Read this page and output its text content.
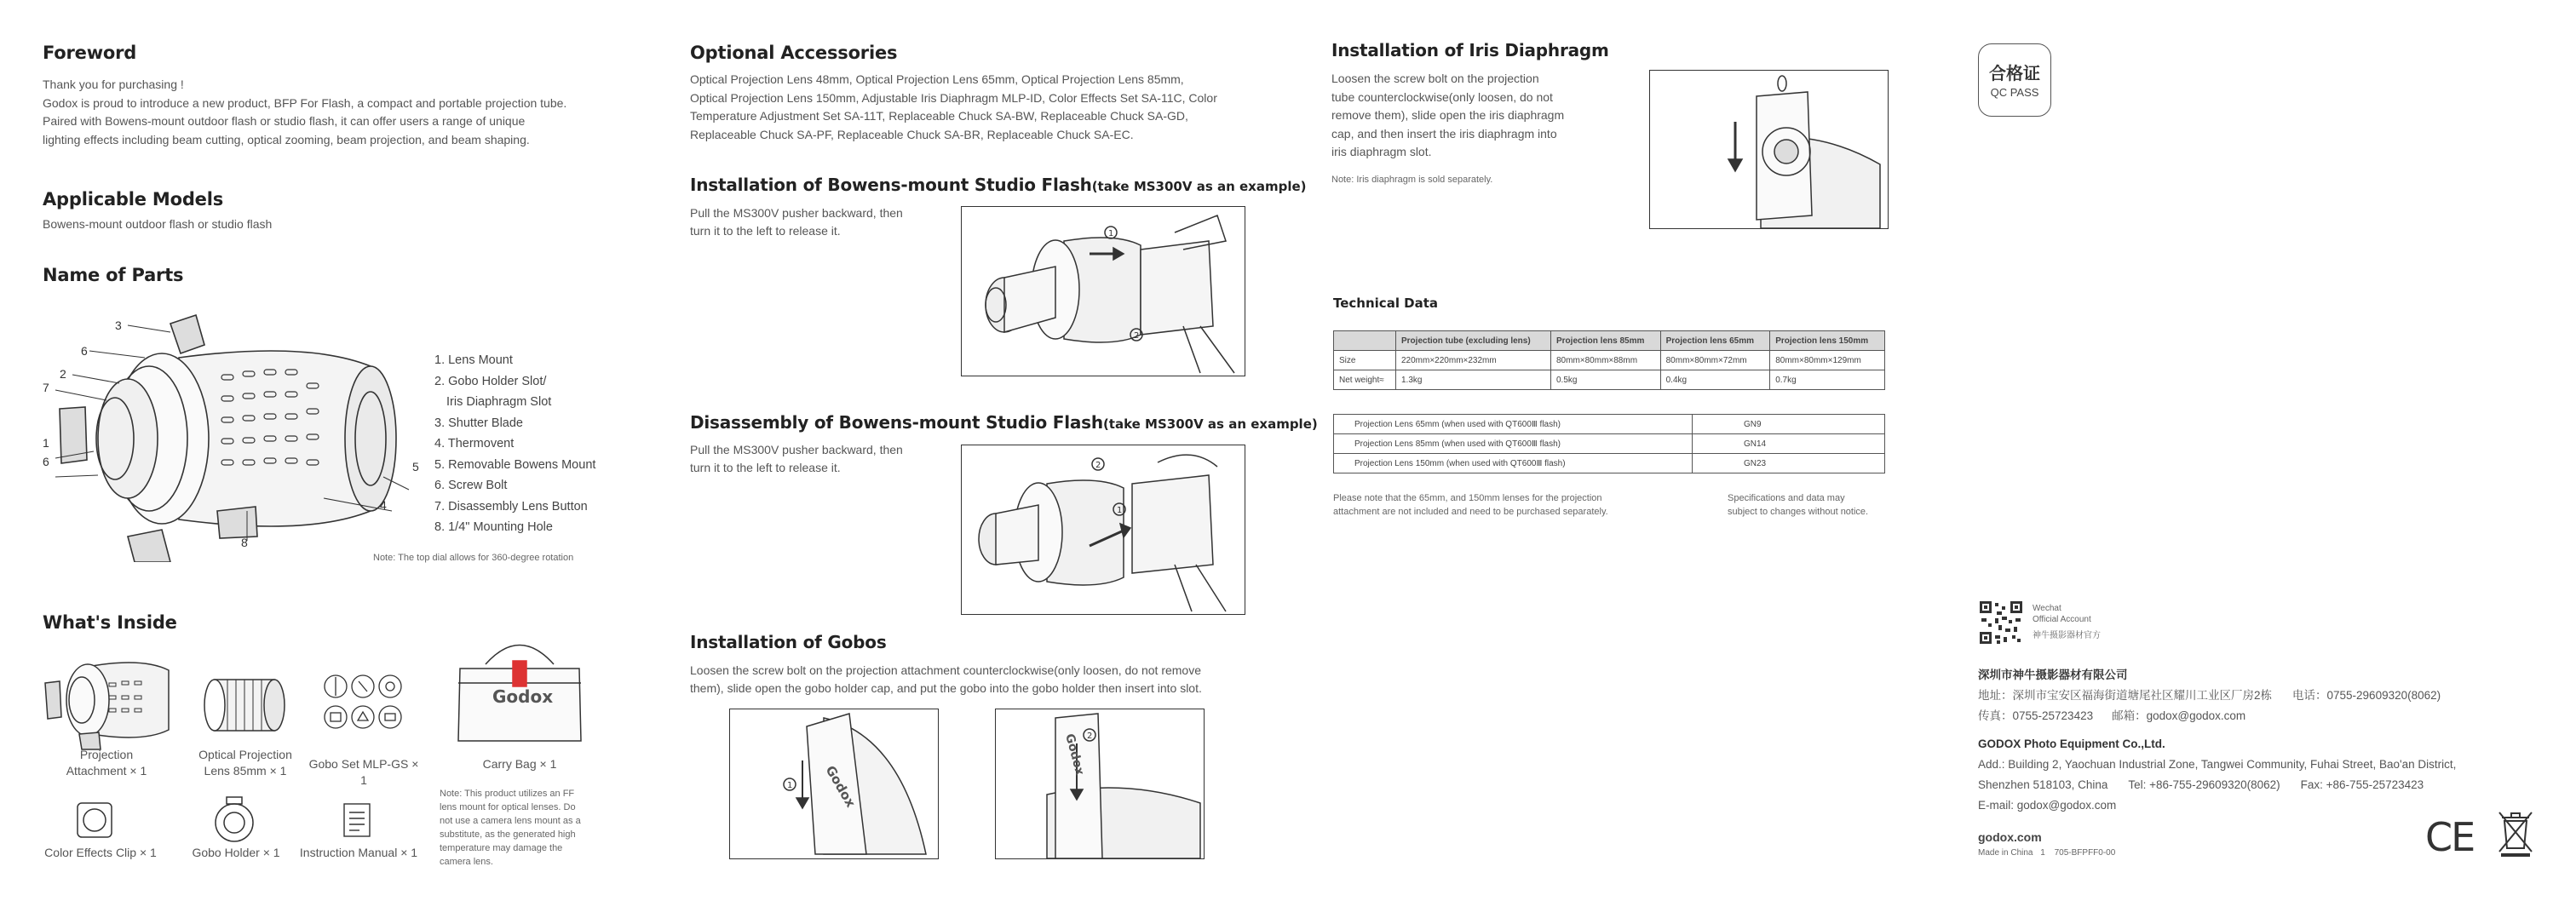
Foreword

Thank you for purchasing !

Godox is proud to introduce a new product, BFP For Flash, a compact and portable projection tube.

Paired with Bowens-mount outdoor flash or studio flash, it can offer users a range of unique

lighting effects including beam cutting, optical zooming, beam projection, and beam shaping.

Applicable Models

Bowens-mount outdoor flash or studio flash

Name of Parts
3
6
2
7
1
6	5
4
8
1. Lens Mount
2. Gobo Holder Slot/
Iris Diaphragm Slot
3. Shutter Blade
4. Thermovent
5. Removable Bowens Mount
6. Screw Bolt
7. Disassembly Lens Button
8. 1/4" Mounting Hole

Note: The top dial allows for 360-degree rotation

What's Inside
Projection
Attachment × 1
Optical Projection
Lens 85mm × 1	Gobo Set MLP-GS × 1
Godox
Carry Bag × 1
Color Effects Clip × 1	Gobo Holder × 1	Instruction Manual × 1

Note: This product utilizes an FF

lens mount for optical lenses. Do

not use a camera lens mount as a

substitute, as the generated high

temperature may damage the

camera lens.

Optional Accessories

Optical Projection Lens 48mm, Optical Projection Lens 65mm, Optical Projection Lens 85mm,

Optical Projection Lens 150mm, Adjustable Iris Diaphragm MLP-ID, Color Effects Set SA-11C, Color

Temperature Adjustment Set SA-11T, Replaceable Chuck SA-BW, Replaceable Chuck SA-GD,

Replaceable Chuck SA-PF, Replaceable Chuck SA-BR, Replaceable Chuck SA-EC.

Installation of Bowens-mount Studio Flash(take MS300V as an example)

Pull the MS300V pusher backward, then

turn it to the left to release it.	1
2
Disassembly of Bowens-mount Studio Flash(take MS300V as an example)

Pull the MS300V pusher backward, then

turn it to the left to release it.	2
1
Installation of Gobos

Loosen the screw bolt on the projection attachment counterclockwise(only loosen, do not remove

them), slide open the gobo holder cap, and put the gobo into the gobo holder then insert into slot.

Godox
1
Godox 2
Installation of Iris Diaphragm

Loosen the screw bolt on the projection

tube counterclockwise(only loosen, do not

remove them), slide open the iris diaphragm

cap, and then insert the iris diaphragm into

iris diaphragm slot.

Note: Iris diaphragm is sold separately.

Technical Data
	Projection tube (excluding lens)	Projection lens 85mm	Projection lens 65mm	Projection lens 150mm
Size	220mm×220mm×232mm	80mm×80mm×88mm	80mm×80mm×72mm	80mm×80mm×129mm
Net weight≈	1.3kg	0.5kg	0.4kg	0.7kg
Projection Lens 65mm (when used with QT600Ⅲ flash)	GN9
Projection Lens 85mm (when used with QT600Ⅲ flash)	GN14
Projection Lens 150mm (when used with QT600Ⅲ flash)	GN23

Please note that the 65mm, and 150mm lenses for the projection

attachment are not included and need to be purchased separately.

Specifications and data may

subject to changes without notice.

合格证
QC PASS

Wechat

Official Account

神牛摄影器材官方

深圳市神牛摄影器材有限公司
地址：深圳市宝安区福海街道塘尾社区耀川工业区厂房2栋 电话：0755-29609320(8062)
传真：0755-25723423 邮箱：godox@godox.com
GODOX Photo Equipment Co.,Ltd.
Add.: Building 2, Yaochuan Industrial Zone, Tangwei Community, Fuhai Street, Bao'an District,
Shenzhen 518103, China Tel: +86-755-29609320(8062) Fax: +86-755-25723423
E-mail: godox@godox.com
godox.com
Made in China 1 705-BFPFF0-00	CE
